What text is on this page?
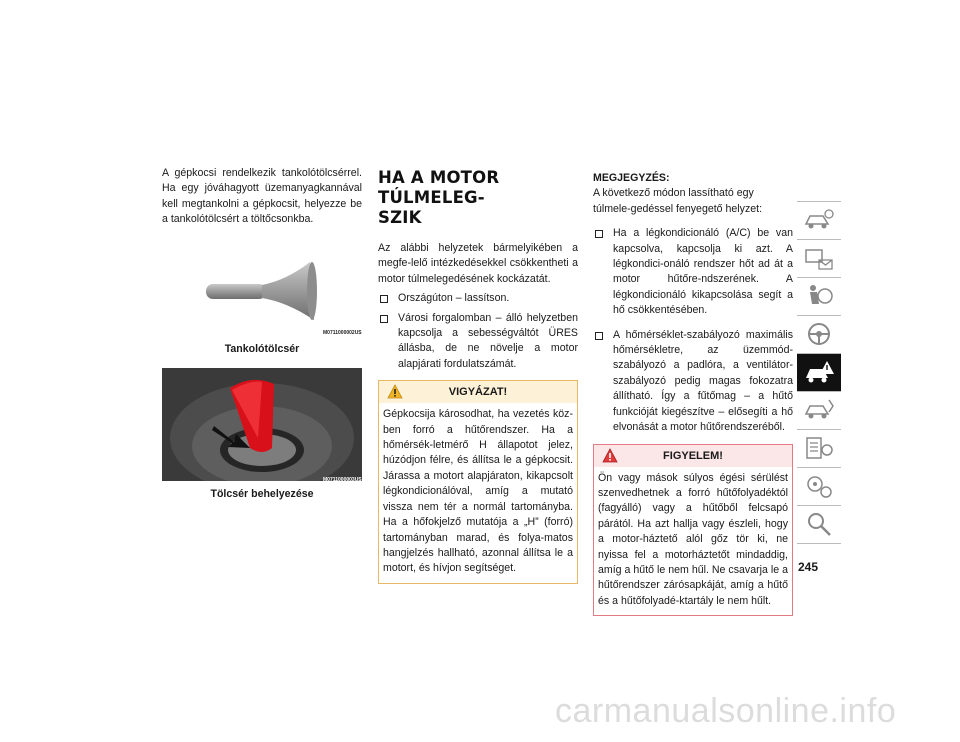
A gépkocsi rendelkezik tankolótölcsérrel. Ha egy jóváhagyott üzemanyagkannával kell megtankolni a gépkocsit, helyezze be a tankolótölcsért a töltőcsonkba.
M0711000002US
Tankolótölcsér
M0711000003US
Tölcsér behelyezése
HA A MOTOR TÚLMELEG-
SZIK
Az alábbi helyzetek bármelyikében a megfe-lelő intézkedésekkel csökkentheti a motor túlmelegedésének kockázatát.
Országúton – lassítson.
Városi forgalomban – álló helyzetben kapcsolja a sebességváltót ÜRES állásba, de ne növelje a motor alapjárati fordulatszámát.
VIGYÁZAT!
Gépkocsija károsodhat, ha vezetés köz-ben forró a hűtőrendszer. Ha a hőmérsék-letmérő H állapotot jelez, húzódjon félre, és állítsa le a gépkocsit. Járassa a motort alapjáraton, kikapcsolt légkondicionálóval, amíg a mutató vissza nem tér a normál tartományba. Ha a hőfokjelző mutatója a „H” (forró) tartományban marad, és folya-matos hangjelzés hallható, azonnal állítsa le a motort, és hívjon segítséget.
MEGJEGYZÉS:
A következő módon lassítható egy túlmele-gedéssel fenyegető helyzet:
Ha a légkondicionáló (A/C) be van kapcsolva, kapcsolja ki azt. A légkondici-onáló rendszer hőt ad át a motor hűtőre-ndszerének. A légkondicionáló kikapcsolása segít a hő csökkentésében.
A hőmérséklet-szabályozó maximális hőmérsékletre, az üzemmód-szabályozó a padlóra, a ventilátor-szabályozó pedig magas fokozatra állítható. Így a fűtőmag – a hűtő funkcióját kiegészítve – elősegíti a hő elvonását a motor hűtőrendszeréből.
FIGYELEM!
Ön vagy mások súlyos égési sérülést szenvedhetnek a forró hűtőfolyadéktól (fagyálló) vagy a hűtőből felcsapó párától. Ha azt hallja vagy észleli, hogy a motor-háztető alól gőz tör ki, ne nyissa fel a motorháztetőt mindaddig, amíg a hűtő le nem hűl. Ne csavarja le a hűtőrendszer zárósapkáját, amíg a hűtő és a hűtőfolyadé-ktartály le nem hűlt.
245
carmanualsonline.info
